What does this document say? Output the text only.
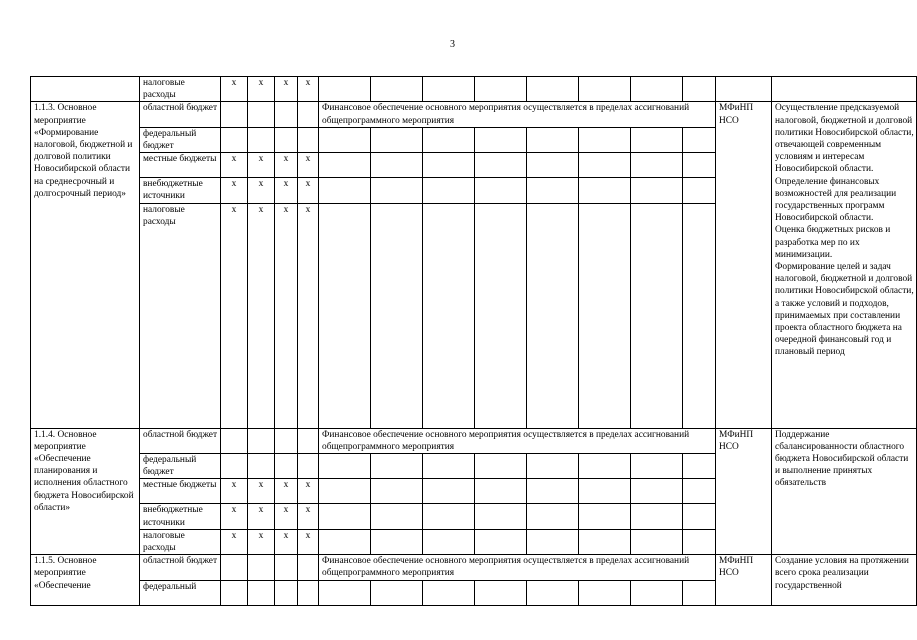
3
	налоговые расходы	x	x	x	x										
1.1.3. Основное мероприятие «Формирование налоговой, бюджетной и долговой политики Новосибирской области на среднесрочный и долгосрочный период»	областной бюджет					Финансовое обеспечение основного мероприятия осуществляется в пределах ассигнований общепрограммного мероприятия								МФиНП НСО	Осуществление предсказуемой налоговой, бюджетной и долговой политики Новосибирской области, отвечающей современным условиям и интересам Новосибирской области.
Определение финансовых возможностей для реализации государственных программ Новосибирской области.
Оценка бюджетных рисков и разработка мер по их минимизации.
Формирование целей и задач налоговой, бюджетной и долговой политики Новосибирской области,
а также условий и подходов, принимаемых при составлении проекта областного бюджета на очередной финансовый год и плановый период
	федеральный бюджет														
	местные бюджеты	x	x	x	x										
	внебюджетные источники	x	x	x	x										
	налоговые расходы	x	x	x	x										
1.1.4. Основное мероприятие «Обеспечение планирования и исполнения областного бюджета Новосибирской области»	областной бюджет					Финансовое обеспечение основного мероприятия осуществляется в пределах ассигнований общепрограммного мероприятия								МФиНП НСО	Поддержание сбалансированности областного бюджета Новосибирской области и выполнение принятых обязательств
	федеральный бюджет														
	местные бюджеты	x	x	x	x										
	внебюджетные источники	x	x	x	x										
	налоговые расходы	x	x	x	x										
1.1.5. Основное мероприятие «Обеспечение	областной бюджет					Финансовое обеспечение основного мероприятия осуществляется в пределах ассигнований общепрограммного мероприятия								МФиНП НСО	Создание условия на протяжении всего срока реализации государственной
	федеральный														
